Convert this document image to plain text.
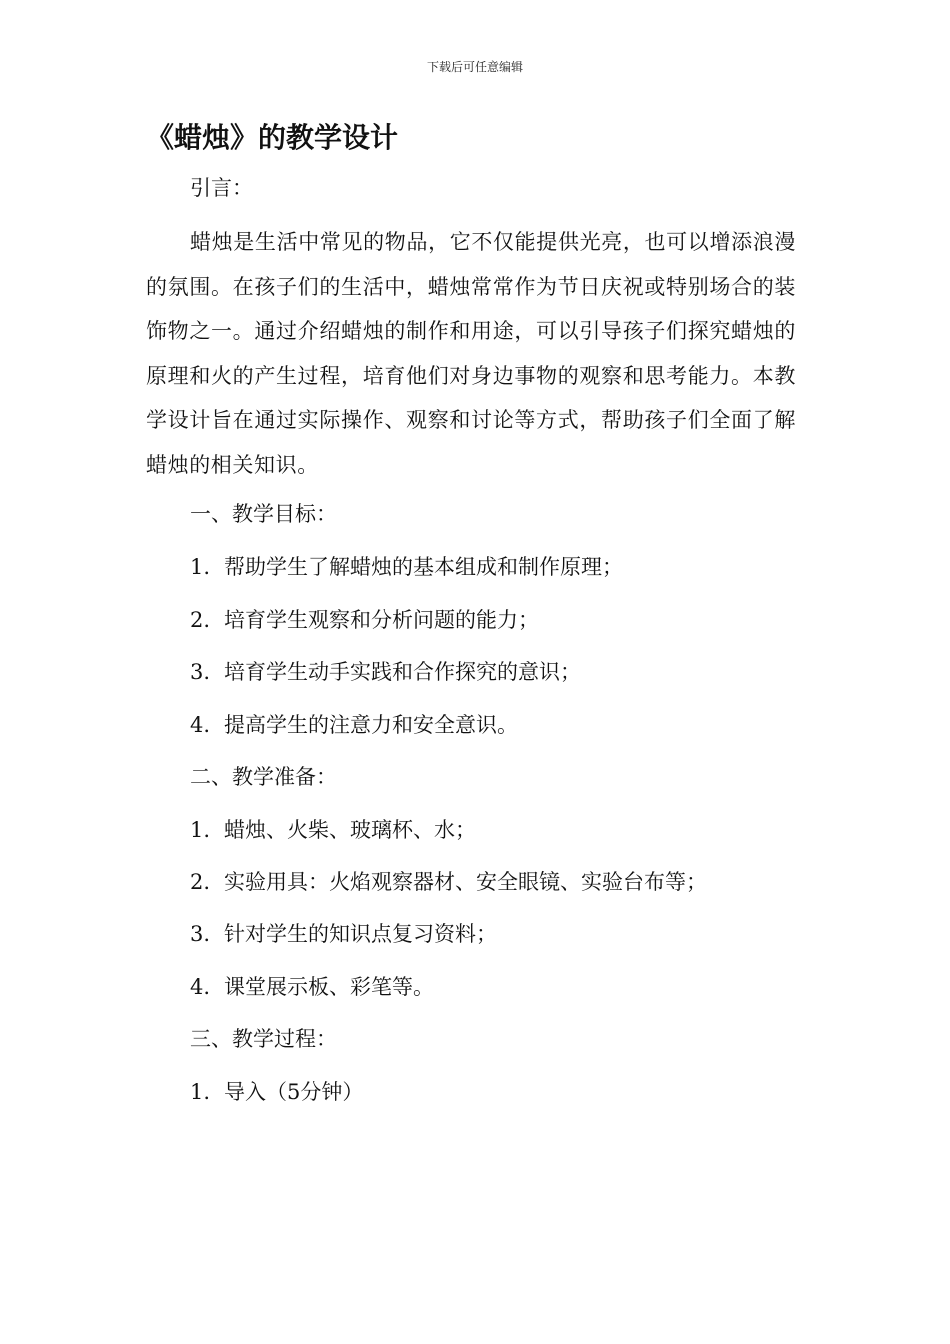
下载后可任意编辑
《蜡烛》的教学设计
引言：
蜡烛是生活中常见的物品，它不仅能提供光亮，也可以增添浪漫的氛围。在孩子们的生活中，蜡烛常常作为节日庆祝或特别场合的装饰物之一。通过介绍蜡烛的制作和用途，可以引导孩子们探究蜡烛的原理和火的产生过程，培育他们对身边事物的观察和思考能力。本教学设计旨在通过实际操作、观察和讨论等方式，帮助孩子们全面了解蜡烛的相关知识。
一、教学目标：
1. 帮助学生了解蜡烛的基本组成和制作原理；
2. 培育学生观察和分析问题的能力；
3. 培育学生动手实践和合作探究的意识；
4. 提高学生的注意力和安全意识。
二、教学准备：
1. 蜡烛、火柴、玻璃杯、水；
2. 实验用具：火焰观察器材、安全眼镜、实验台布等；
3. 针对学生的知识点复习资料；
4. 课堂展示板、彩笔等。
三、教学过程：
1. 导入（5分钟）
